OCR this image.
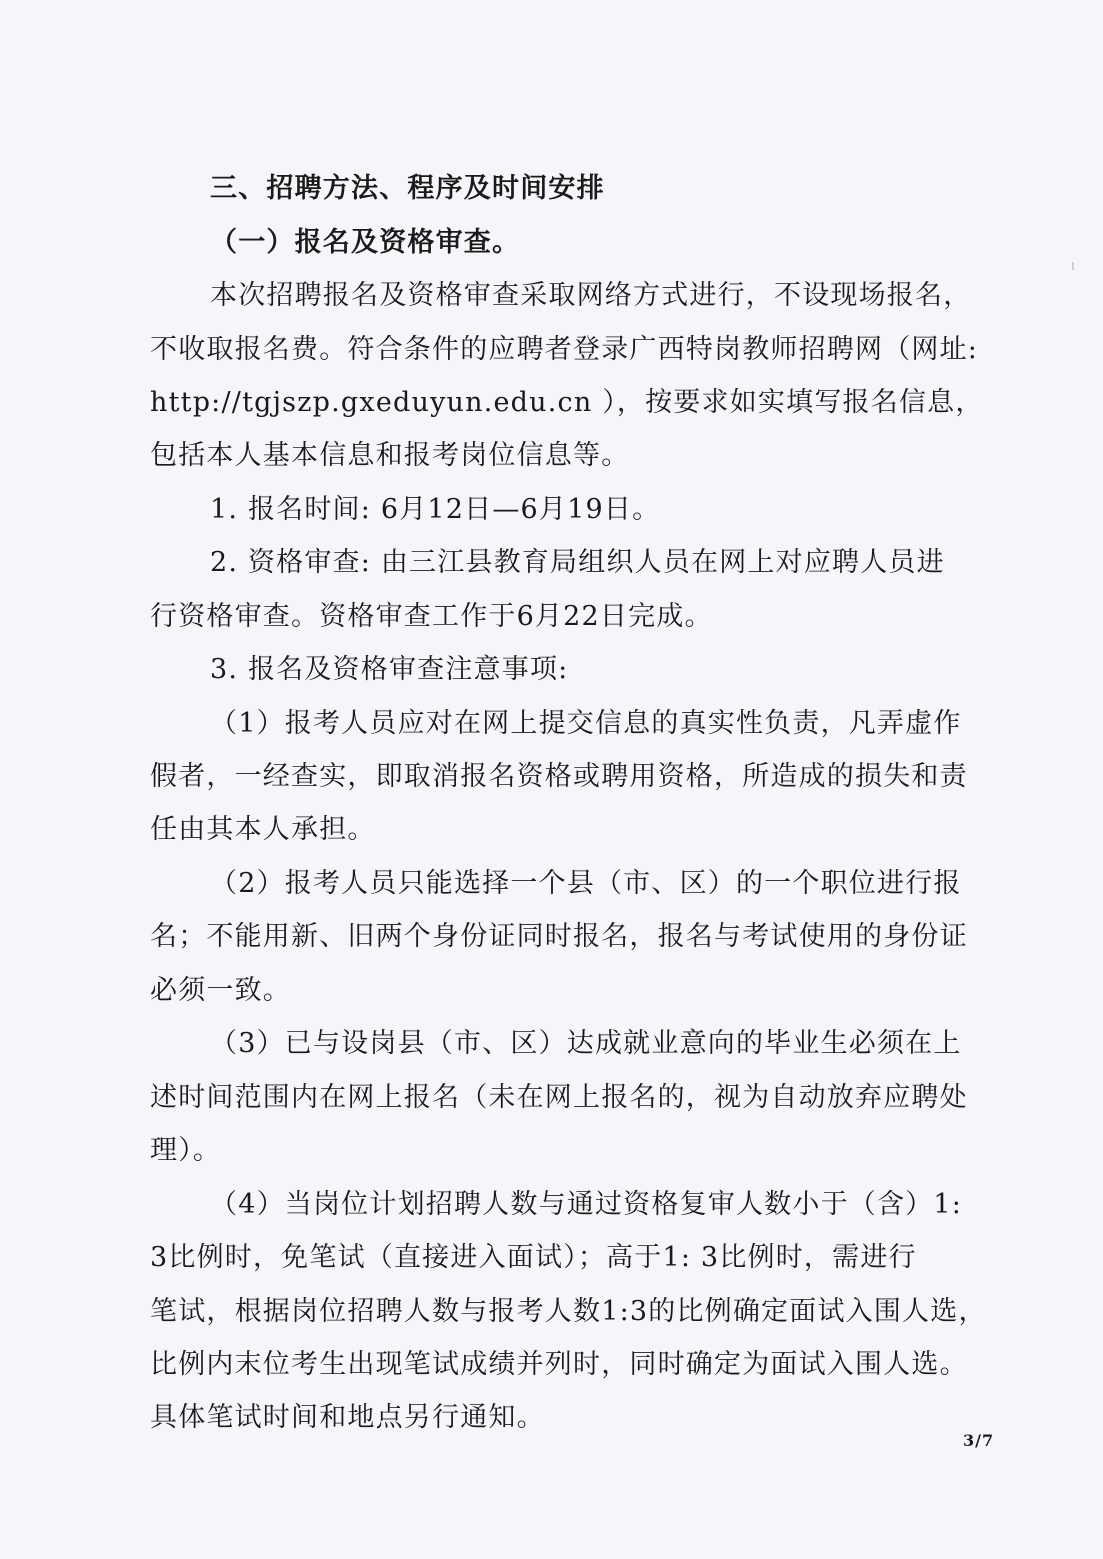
三、招聘方法、程序及时间安排
（一）报名及资格审查。
本次招聘报名及资格审查采取网络方式进行，不设现场报名，
不收取报名费。符合条件的应聘者登录广西特岗教师招聘网（网址:
http://tgjszp.gxeduyun.edu.cn ），按要求如实填写报名信息，
包括本人基本信息和报考岗位信息等。
1. 报名时间: 6月12日—6月19日。
2. 资格审查: 由三江县教育局组织人员在网上对应聘人员进
行资格审查。资格审查工作于6月22日完成。
3. 报名及资格审查注意事项:
（1）报考人员应对在网上提交信息的真实性负责，凡弄虚作
假者，一经查实，即取消报名资格或聘用资格，所造成的损失和责
任由其本人承担。
（2）报考人员只能选择一个县（市、区）的一个职位进行报
名；不能用新、旧两个身份证同时报名，报名与考试使用的身份证
必须一致。
（3）已与设岗县（市、区）达成就业意向的毕业生必须在上
述时间范围内在网上报名（未在网上报名的，视为自动放弃应聘处
理）。
（4）当岗位计划招聘人数与通过资格复审人数小于（含）1:
3比例时，免笔试（直接进入面试）；高于1: 3比例时，需进行
笔试，根据岗位招聘人数与报考人数1:3的比例确定面试入围人选，
比例内末位考生出现笔试成绩并列时，同时确定为面试入围人选。
具体笔试时间和地点另行通知。
3/7
